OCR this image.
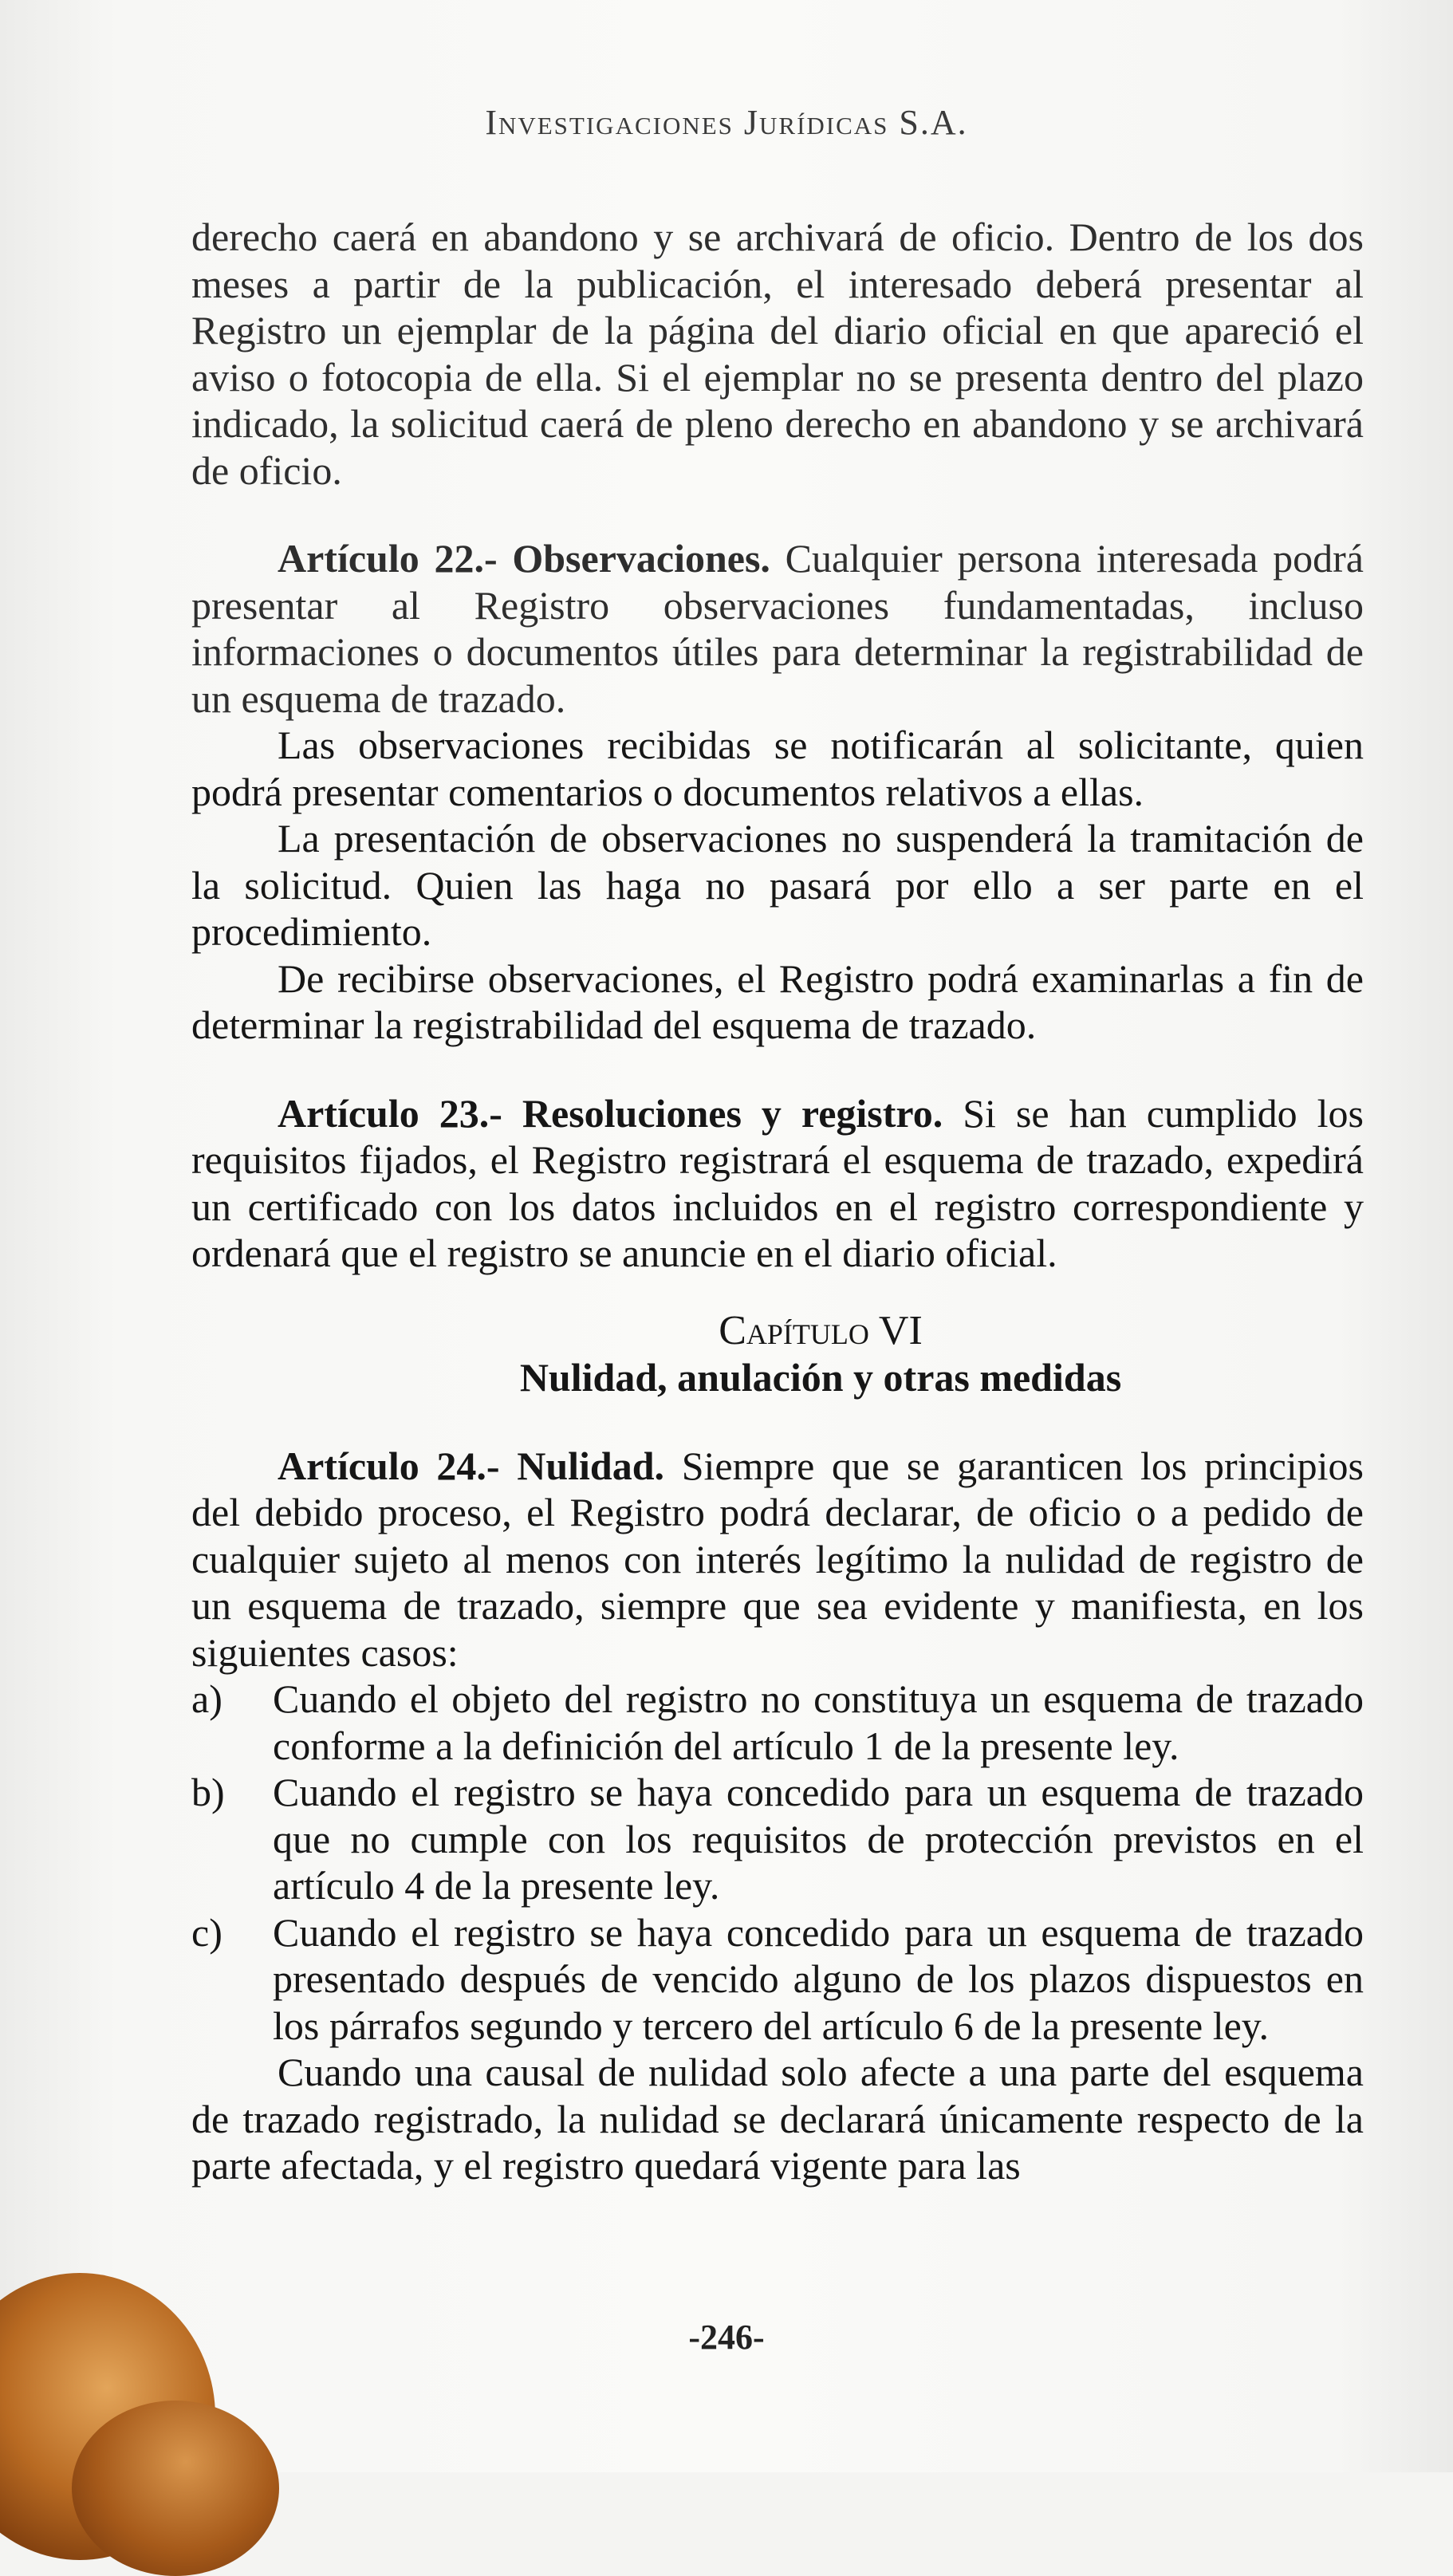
Investigaciones Jurídicas S.A.

derecho caerá en abandono y se archivará de oficio. Dentro de los dos meses a partir de la publicación, el interesado deberá presentar al Registro un ejemplar de la página del diario oficial en que apareció el aviso o fotocopia de ella. Si el ejemplar no se presenta dentro del plazo indicado, la solicitud caerá de pleno derecho en abandono y se archivará de oficio.

Artículo 22.- Observaciones. Cualquier persona interesada podrá presentar al Registro observaciones fundamentadas, incluso informaciones o documentos útiles para determinar la registrabilidad de un esquema de trazado.

Las observaciones recibidas se notificarán al solicitante, quien podrá presentar comentarios o documentos relativos a ellas.

La presentación de observaciones no suspenderá la tramitación de la solicitud. Quien las haga no pasará por ello a ser parte en el procedimiento.

De recibirse observaciones, el Registro podrá examinarlas a fin de determinar la registrabilidad del esquema de trazado.

Artículo 23.- Resoluciones y registro. Si se han cumplido los requisitos fijados, el Registro registrará el esquema de trazado, expedirá un certificado con los datos incluidos en el registro correspondiente y ordenará que el registro se anuncie en el diario oficial.

Capítulo VI

Nulidad, anulación y otras medidas

Artículo 24.- Nulidad. Siempre que se garanticen los principios del debido proceso, el Registro podrá declarar, de oficio o a pedido de cualquier sujeto al menos con interés legítimo la nulidad de registro de un esquema de trazado, siempre que sea evidente y manifiesta, en los siguientes casos:

a)	Cuando el objeto del registro no constituya un esquema de trazado conforme a la definición del artículo 1 de la presente ley.
b)	Cuando el registro se haya concedido para un esquema de trazado que no cumple con los requisitos de protección previstos en el artículo 4 de la presente ley.
c)	Cuando el registro se haya concedido para un esquema de trazado presentado después de vencido alguno de los plazos dispuestos en los párrafos segundo y tercero del artículo 6 de la presente ley.

Cuando una causal de nulidad solo afecte a una parte del esquema de trazado registrado, la nulidad se declarará únicamente respecto de la parte afectada, y el registro quedará vigente para las

-246-
